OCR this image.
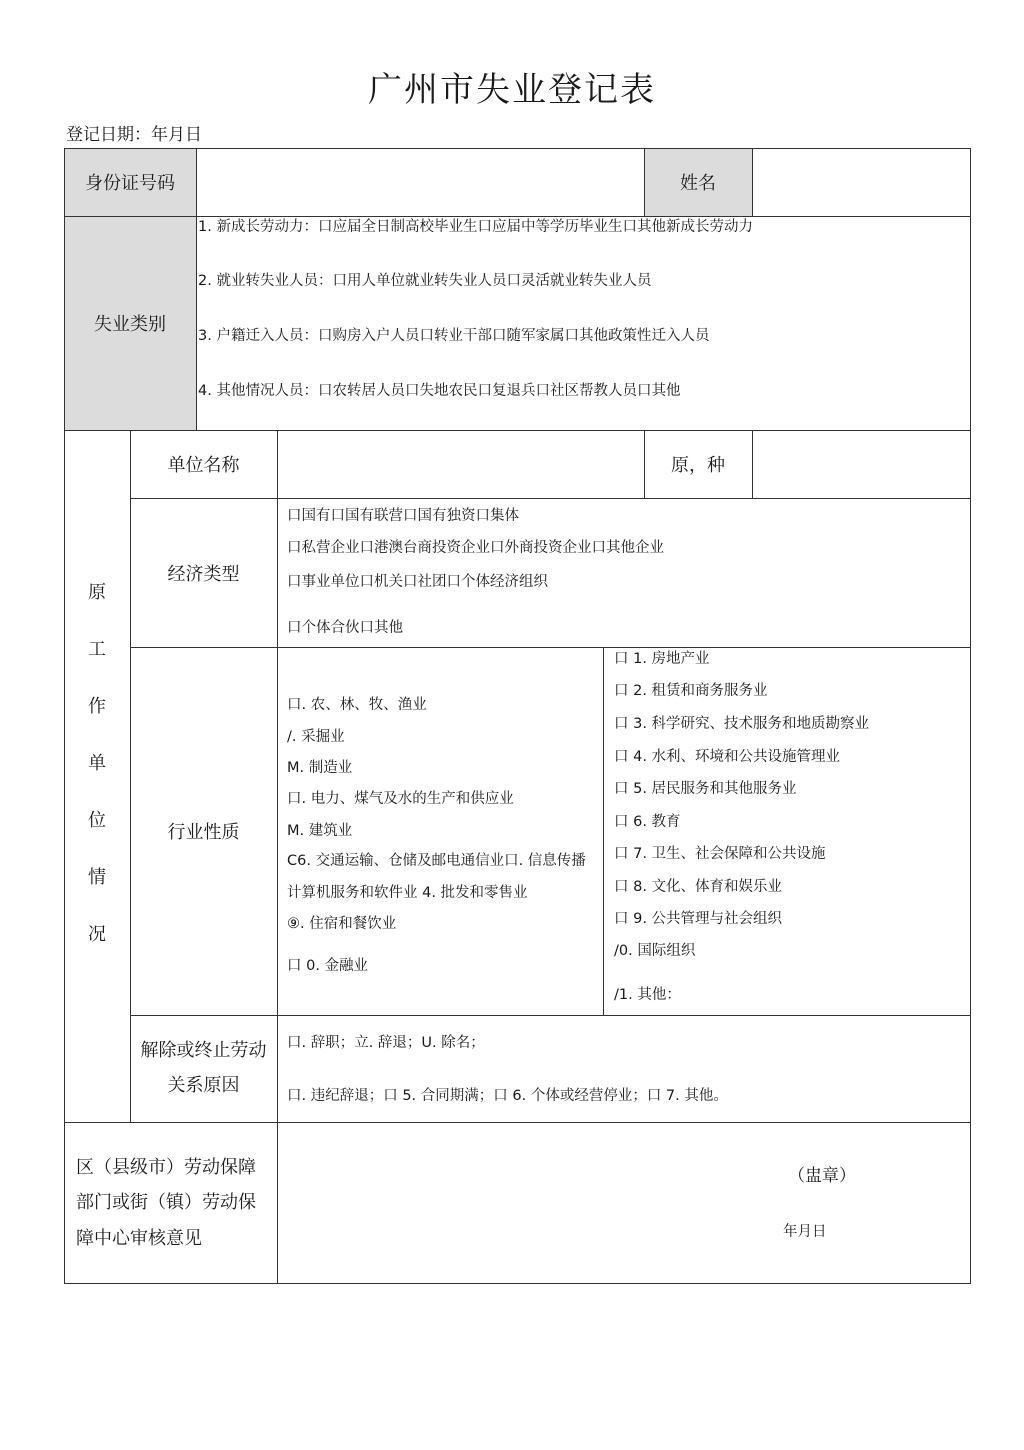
广州市失业登记表
登记日期：年月日
身份证号码	姓名
失业类别
1. 新成长劳动力：口应届全日制高校毕业生口应届中等学历毕业生口其他新成长劳动力
2. 就业转失业人员：口用人单位就业转失业人员口灵活就业转失业人员
3. 户籍迁入人员：口购房入户人员口转业干部口随军家属口其他政策性迁入人员
4. 其他情况人员：口农转居人员口失地农民口复退兵口社区帮教人员口其他
原
工
作
单
位
情
况
单位名称	原，种
经济类型
口国有口国有联营口国有独资口集体
口私营企业口港澳台商投资企业口外商投资企业口其他企业
口事业单位口机关口社团口个体经济组织
口个体合伙口其他
行业性质
口. 农、林、牧、渔业
/. 采掘业
M. 制造业
口. 电力、煤气及水的生产和供应业
M. 建筑业
C6. 交通运输、仓储及邮电通信业口. 信息传播
计算机服务和软件业 4. 批发和零售业
⑨. 住宿和餐饮业
口 0. 金融业
口 1. 房地产业
口 2. 租赁和商务服务业
口 3. 科学研究、技术服务和地质勘察业
口 4. 水利、环境和公共设施管理业
口 5. 居民服务和其他服务业
口 6. 教育
口 7. 卫生、社会保障和公共设施
口 8. 文化、体育和娱乐业
口 9. 公共管理与社会组织
/0. 国际组织
/1. 其他：
解除或终止劳动
关系原因
口. 辞职；立. 辞退；U. 除名；
口. 违纪辞退；口 5. 合同期满；口 6. 个体或经营停业；口 7. 其他。
区（县级市）劳动保障
部门或街（镇）劳动保
障中心审核意见
（盅章）
年月日
